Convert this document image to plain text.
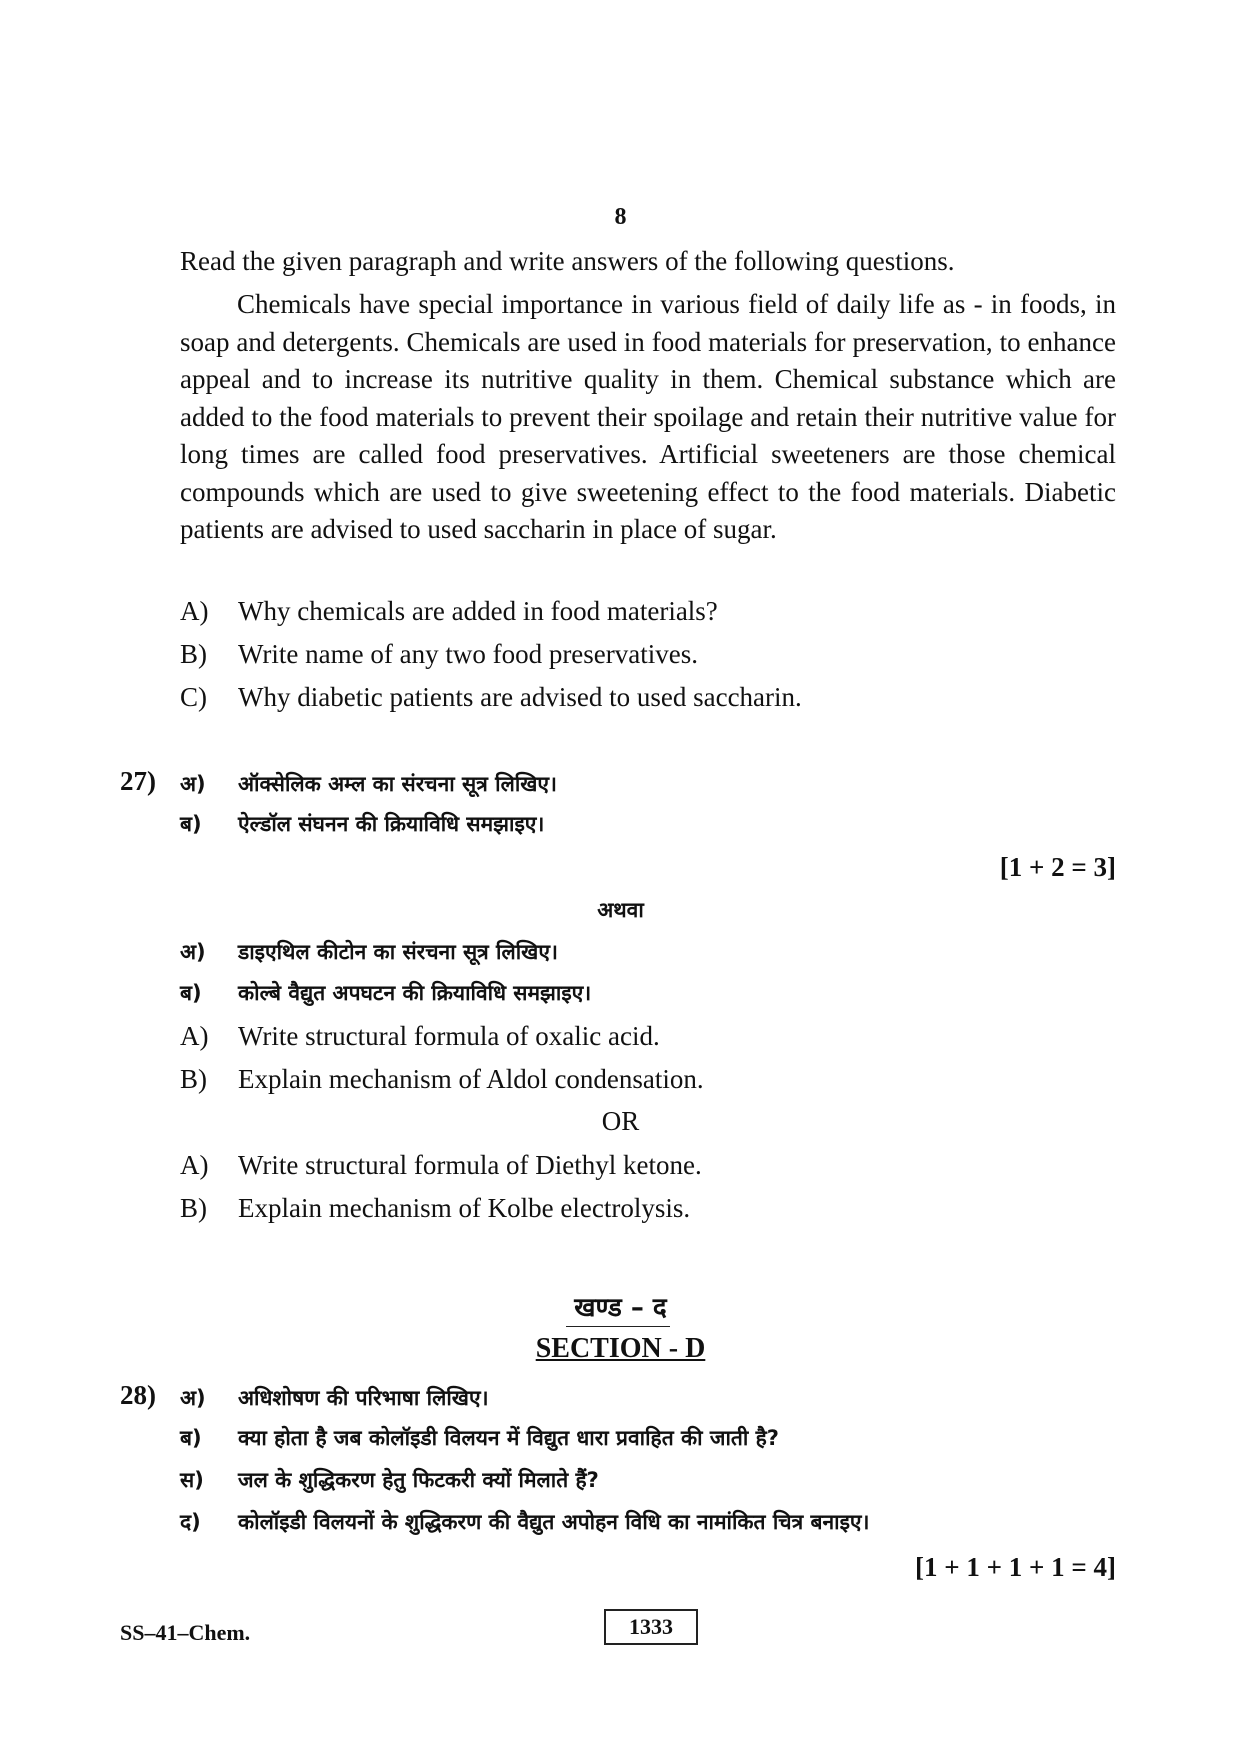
8
Read the given paragraph and write answers of the following questions.

Chemicals have special importance in various field of daily life as - in foods, in soap and detergents. Chemicals are used in food materials for preservation, to enhance appeal and to increase its nutritive quality in them. Chemical substance which are added to the food materials to prevent their spoilage and retain their nutritive value for long times are called food preservatives. Artificial sweeteners are those chemical compounds which are used to give sweetening effect to the food materials. Diabetic patients are advised to used saccharin in place of sugar.

A) Why chemicals are added in food materials?
B) Write name of any two food preservatives.
C) Why diabetic patients are advised to used saccharin.
27) अ) ऑक्सेलिक अम्ल का संरचना सूत्र लिखिए।
ब) ऐल्डॉल संघनन की क्रियाविधि समझाइए।
[1 + 2 = 3]
अथवा
अ) डाइएथिल कीटोन का संरचना सूत्र लिखिए।
ब) कोल्बे वैद्युत अपघटन की क्रियाविधि समझाइए।
A) Write structural formula of oxalic acid.
B) Explain mechanism of Aldol condensation.
OR
A) Write structural formula of Diethyl ketone.
B) Explain mechanism of Kolbe electrolysis.
खण्ड – द
SECTION - D
28) अ) अधिशोषण की परिभाषा लिखिए।
ब) क्या होता है जब कोलॉइडी विलयन में विद्युत धारा प्रवाहित की जाती है?
स) जल के शुद्धिकरण हेतु फिटकरी क्यों मिलाते हैं?
द) कोलॉइडी विलयनों के शुद्धिकरण की वैद्युत अपोहन विधि का नामांकित चित्र बनाइए।
[1 + 1 + 1 + 1 = 4]
SS–41–Chem.	1333
